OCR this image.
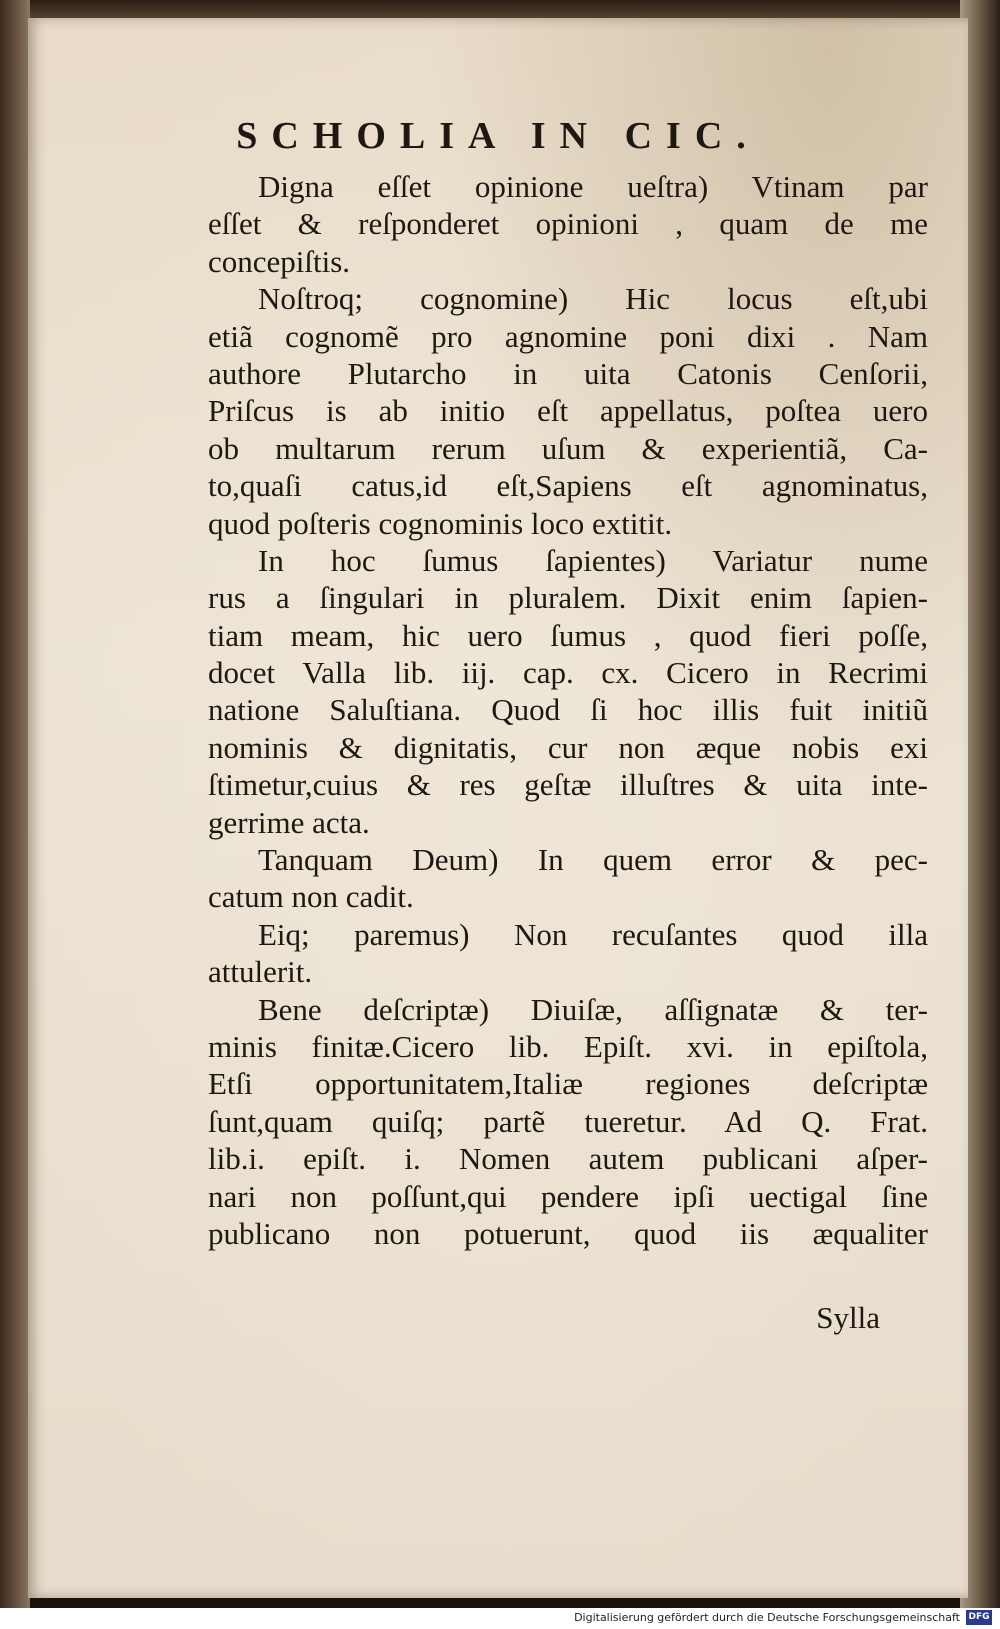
SCHOLIA IN CIC.
Digna eſſet opinione ueſtra) Vtinam par
eſſet & reſponderet opinioni , quam de me
concepiſtis.
Noſtroq; cognomine) Hic locus eſt,ubi
etiã cognomẽ pro agnomine poni dixi . Nam
authore Plutarcho in uita Catonis Cenſorii,
Priſcus is ab initio eſt appellatus, poſtea uero
ob multarum rerum uſum & experientiã, Ca-
to,quaſi catus,id eſt,Sapiens eſt agnominatus,
quod poſteris cognominis loco extitit.
In hoc ſumus ſapientes) Variatur nume
rus a ſingulari in pluralem. Dixit enim ſapien-
tiam meam, hic uero ſumus , quod fieri poſſe,
docet Valla lib. iij. cap. cx. Cicero in Recrimi
natione Saluſtiana. Quod ſi hoc illis fuit initiũ
nominis & dignitatis, cur non æque nobis exi
ſtimetur,cuius & res geſtæ illuſtres & uita inte-
gerrime acta.
Tanquam Deum) In quem error & pec-
catum non cadit.
Eiq; paremus) Non recuſantes quod illa
attulerit.
Bene deſcriptæ) Diuiſæ, aſſignatæ & ter-
minis finitæ.Cicero lib. Epiſt. xvi. in epiſtola,
Etſi opportunitatem,Italiæ regiones deſcriptæ
ſunt,quam quiſq; partẽ tueretur. Ad Q. Frat.
lib.i. epiſt. i. Nomen autem publicani aſper-
nari non poſſunt,qui pendere ipſi uectigal ſine
publicano non potuerunt, quod iis æqualiter
Sylla
Digitalisierung gefördert durch die Deutsche Forschungsgemeinschaft DFG
